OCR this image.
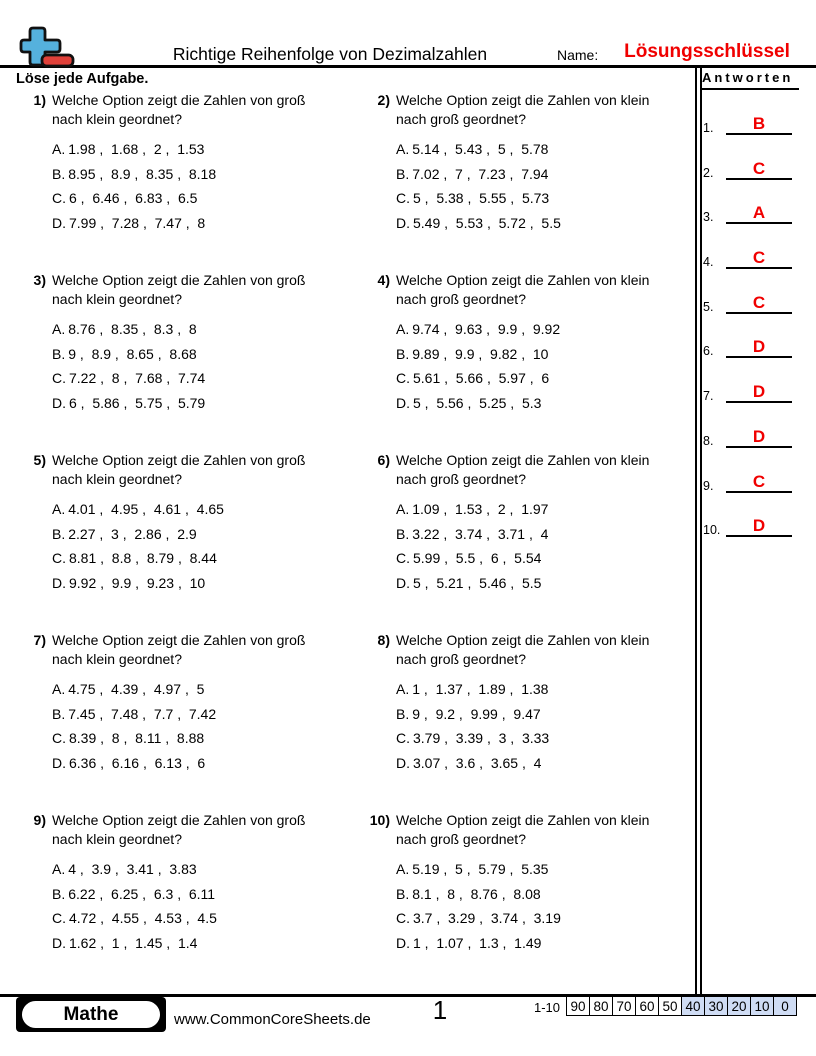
Richtige Reihenfolge von Dezimalzahlen	Name:	Lösungsschlüssel
Löse jede Aufgabe.	Antworten
1.	B
2.	C
3.	A
4.	C
5.	C
6.	D
7.	D
8.	D
9.	C
10.	D
1) Welche Option zeigt die Zahlen von groß nach klein geordnet?
A. 1.98 ,  1.68 ,  2 ,  1.53
B. 8.95 ,  8.9 ,  8.35 ,  8.18
C. 6 ,  6.46 ,  6.83 ,  6.5
D. 7.99 ,  7.28 ,  7.47 ,  8
2) Welche Option zeigt die Zahlen von klein nach groß geordnet?
A. 5.14 ,  5.43 ,  5 ,  5.78
B. 7.02 ,  7 ,  7.23 ,  7.94
C. 5 ,  5.38 ,  5.55 ,  5.73
D. 5.49 ,  5.53 ,  5.72 ,  5.5
3) Welche Option zeigt die Zahlen von groß nach klein geordnet?
A. 8.76 ,  8.35 ,  8.3 ,  8
B. 9 ,  8.9 ,  8.65 ,  8.68
C. 7.22 ,  8 ,  7.68 ,  7.74
D. 6 ,  5.86 ,  5.75 ,  5.79
4) Welche Option zeigt die Zahlen von klein nach groß geordnet?
A. 9.74 ,  9.63 ,  9.9 ,  9.92
B. 9.89 ,  9.9 ,  9.82 ,  10
C. 5.61 ,  5.66 ,  5.97 ,  6
D. 5 ,  5.56 ,  5.25 ,  5.3
5) Welche Option zeigt die Zahlen von groß nach klein geordnet?
A. 4.01 ,  4.95 ,  4.61 ,  4.65
B. 2.27 ,  3 ,  2.86 ,  2.9
C. 8.81 ,  8.8 ,  8.79 ,  8.44
D. 9.92 ,  9.9 ,  9.23 ,  10
6) Welche Option zeigt die Zahlen von klein nach groß geordnet?
A. 1.09 ,  1.53 ,  2 ,  1.97
B. 3.22 ,  3.74 ,  3.71 ,  4
C. 5.99 ,  5.5 ,  6 ,  5.54
D. 5 ,  5.21 ,  5.46 ,  5.5
7) Welche Option zeigt die Zahlen von groß nach klein geordnet?
A. 4.75 ,  4.39 ,  4.97 ,  5
B. 7.45 ,  7.48 ,  7.7 ,  7.42
C. 8.39 ,  8 ,  8.11 ,  8.88
D. 6.36 ,  6.16 ,  6.13 ,  6
8) Welche Option zeigt die Zahlen von klein nach groß geordnet?
A. 1 ,  1.37 ,  1.89 ,  1.38
B. 9 ,  9.2 ,  9.99 ,  9.47
C. 3.79 ,  3.39 ,  3 ,  3.33
D. 3.07 ,  3.6 ,  3.65 ,  4
9) Welche Option zeigt die Zahlen von groß nach klein geordnet?
A. 4 ,  3.9 ,  3.41 ,  3.83
B. 6.22 ,  6.25 ,  6.3 ,  6.11
C. 4.72 ,  4.55 ,  4.53 ,  4.5
D. 1.62 ,  1 ,  1.45 ,  1.4
10) Welche Option zeigt die Zahlen von klein nach groß geordnet?
A. 5.19 ,  5 ,  5.79 ,  5.35
B. 8.1 ,  8 ,  8.76 ,  8.08
C. 3.7 ,  3.29 ,  3.74 ,  3.19
D. 1 ,  1.07 ,  1.3 ,  1.49
Mathe	www.CommonCoreSheets.de	1	1-10 90 80 70 60 50 40 30 20 10 0
